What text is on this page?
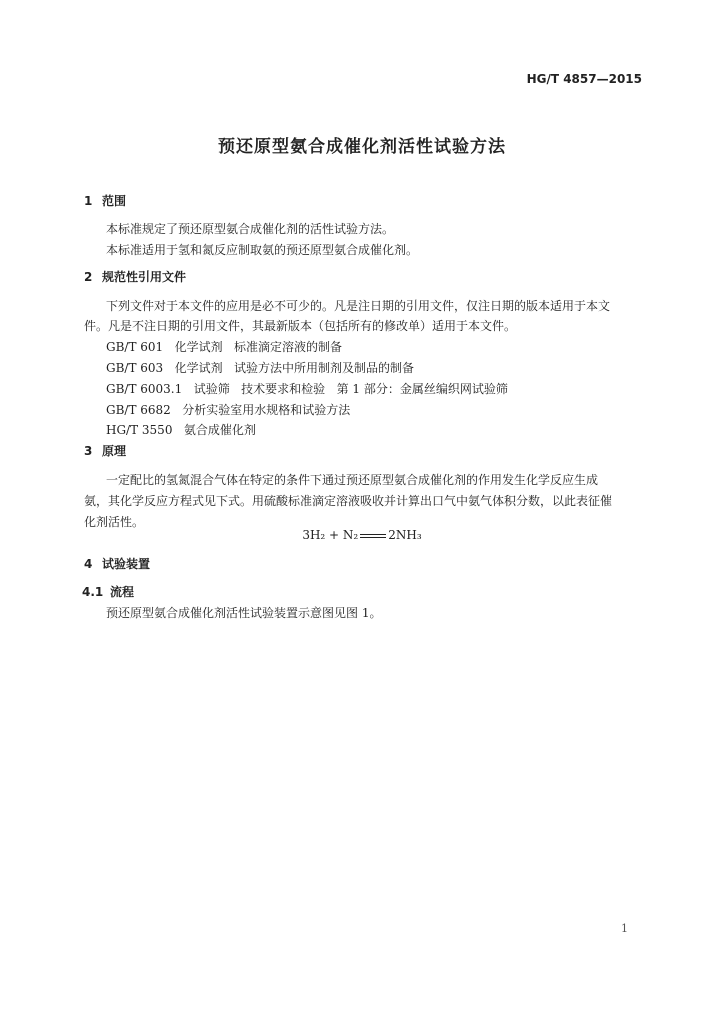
HG/T 4857—2015
预还原型氨合成催化剂活性试验方法
1 范围
本标准规定了预还原型氨合成催化剂的活性试验方法。
本标准适用于氢和氮反应制取氨的预还原型氨合成催化剂。
2 规范性引用文件
下列文件对于本文件的应用是必不可少的。凡是注日期的引用文件，仅注日期的版本适用于本文
件。凡是不注日期的引用文件，其最新版本（包括所有的修改单）适用于本文件。
GB/T 601   化学试剂   标准滴定溶液的制备
GB/T 603   化学试剂   试验方法中所用制剂及制品的制备
GB/T 6003.1   试验筛   技术要求和检验   第 1 部分：金属丝编织网试验筛
GB/T 6682   分析实验室用水规格和试验方法
HG/T 3550   氨合成催化剂
3 原理
一定配比的氢氮混合气体在特定的条件下通过预还原型氨合成催化剂的作用发生化学反应生成
氨，其化学反应方程式见下式。用硫酸标准滴定溶液吸收并计算出口气中氨气体积分数，以此表征催
化剂活性。
3H₂ + N₂	2NH₃
4 试验装置
4.1 流程
预还原型氨合成催化剂活性试验装置示意图见图 1。
1
